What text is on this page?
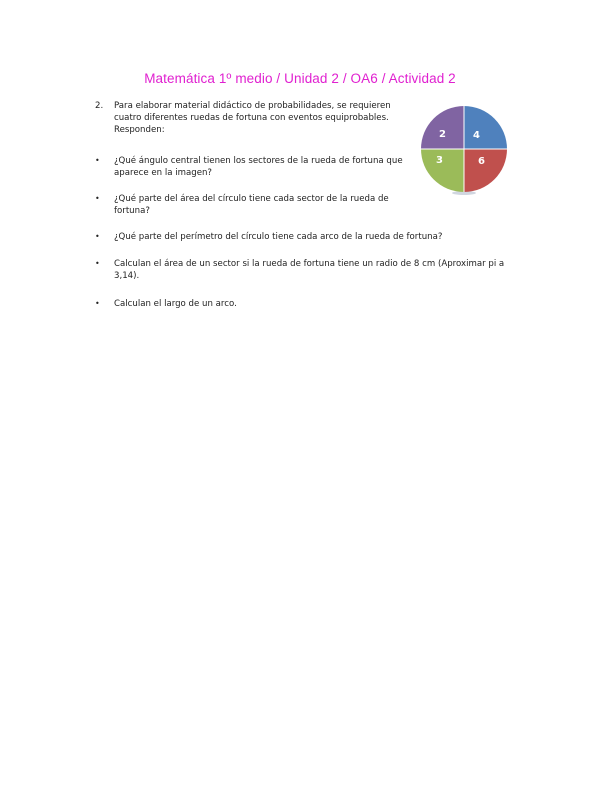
Matemática 1º medio / Unidad 2 / OA6 / Actividad 2
2.	Para elaborar material didáctico de probabilidades, se requieren cuatro diferentes ruedas de fortuna con eventos equiprobables. Responden:
•	¿Qué ángulo central tienen los sectores de la rueda de fortuna que aparece en la imagen?
•	¿Qué parte del área del círculo tiene cada sector de la rueda de fortuna?
•	¿Qué parte del perímetro del círculo tiene cada arco de la rueda de fortuna?
•	Calculan el área de un sector si la rueda de fortuna tiene un radio de 8 cm (Aproximar pi a 3,14).
•	Calculan el largo de un arco.
4
6
3
2
